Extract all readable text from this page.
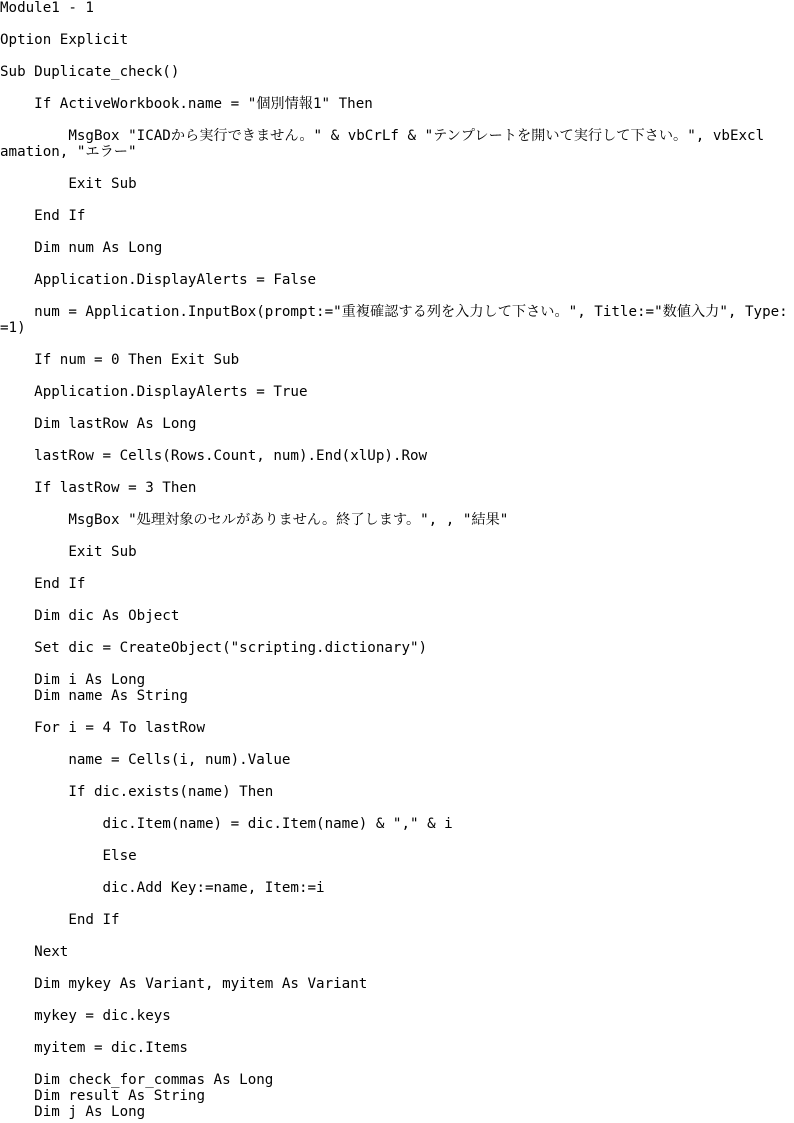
Module1 - 1
Option Explicit
Sub Duplicate_check()
If ActiveWorkbook.name = "個別情報1" Then
MsgBox "ICADから実行できません。" & vbCrLf & "テンプレートを開いて実行して下さい。", vbExcl
amation, "エラー"
Exit Sub
End If
Dim num As Long
Application.DisplayAlerts = False
num = Application.InputBox(prompt:="重複確認する列を入力して下さい。", Title:="数値入力", Type:
=1)
If num = 0 Then Exit Sub
Application.DisplayAlerts = True
Dim lastRow As Long
lastRow = Cells(Rows.Count, num).End(xlUp).Row
If lastRow = 3 Then
MsgBox "処理対象のセルがありません。終了します。", , "結果"
Exit Sub
End If
Dim dic As Object
Set dic = CreateObject("scripting.dictionary")
Dim i As Long
Dim name As String
For i = 4 To lastRow
name = Cells(i, num).Value
If dic.exists(name) Then
dic.Item(name) = dic.Item(name) & "," & i
Else
dic.Add Key:=name, Item:=i
End If
Next
Dim mykey As Variant, myitem As Variant
mykey = dic.keys
myitem = dic.Items
Dim check_for_commas As Long
Dim result As String
Dim j As Long
